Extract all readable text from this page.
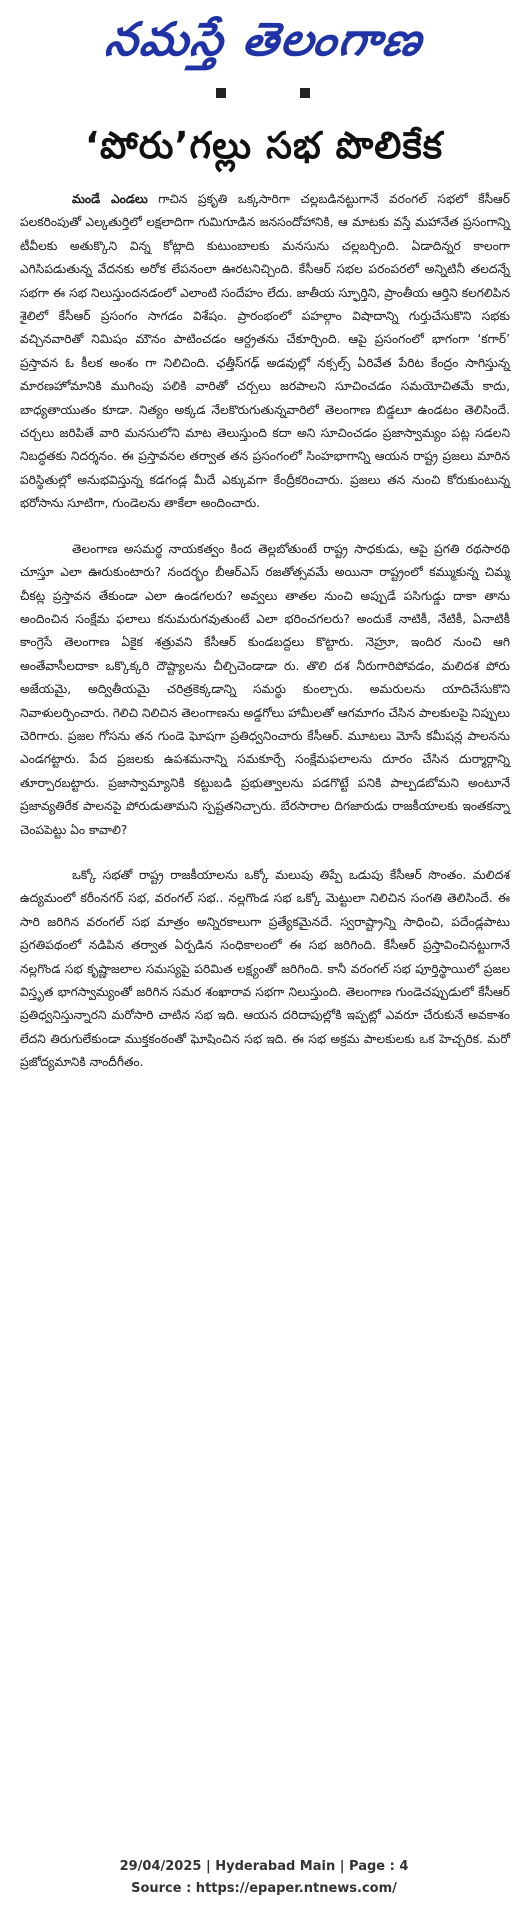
నమస్తే తెలంగాణ
‘పోరు’గల్లు సభ పొలికేక

మండే ఎండలు గాచిన ప్రకృతి ఒక్కసారిగా చల్లబడినట్టుగానే వరంగల్ సభలో కేసీఆర్ పలకరింపుతో ఎల్కతుర్తిలో లక్షలాదిగా గుమిగూడిన జనసందోహానికి, ఆ మాటకు వస్తే మహానేత ప్రసంగాన్ని టీవీలకు అతుక్కొని విన్న కోట్లాది కుటుంబాలకు మనసును చల్లబర్చింది. ఏడాదిన్నర కాలంగా ఎగిసిపడుతున్న వేదనకు అరోక లేపనంలా ఊరటనిచ్చింది. కేసీఆర్ సభల పరంపరలో అన్నిటినీ తలదన్నే సభగా ఈ సభ నిలుస్తుందనడంలో ఎలాంటి సందేహం లేదు. జాతీయ స్ఫూర్తిని, ప్రాంతీయ ఆర్తిని కలగలిపిన శైలిలో కేసీఆర్ ప్రసంగం సాగడం విశేషం. ప్రారంభంలో పహల్గాం విషాదాన్ని గుర్తుచేసుకొని సభకు వచ్చినవారితో నిమిషం మౌనం పాటించడం ఆర్ద్రతను చేకూర్చింది. ఆపై ప్రసంగంలో భాగంగా ‘కగార్’ ప్రస్తావన ఓ కీలక అంశం గా నిలిచింది. ఛత్తీస్‌గఢ్ అడవుల్లో నక్సల్స్ ఏరివేత పేరిట కేంద్రం సాగిస్తున్న మారణహోమానికి ముగింపు పలికి వారితో చర్చలు జరపాలని సూచించడం సమయోచితమే కాదు, బాధ్యతాయుతం కూడా. నిత్యం అక్కడ నేలకొరుగుతున్నవారిలో తెలంగాణ బిడ్డలూ ఉండటం తెలిసిందే. చర్చలు జరిపితే వారి మనసులోని మాట తెలుస్తుంది కదా అని సూచించడం ప్రజాస్వామ్యం పట్ల సడలని నిబద్ధతకు నిదర్శనం. ఈ ప్రస్తావనల తర్వాత తన ప్రసంగంలో సింహభాగాన్ని ఆయన రాష్ట్ర ప్రజలు మారిన పరిస్థితుల్లో అనుభవిస్తున్న కడగండ్ల మీదే ఎక్కువగా కేంద్రీకరించారు. ప్రజలు తన నుంచి కోరుకుంటున్న భరోసాను సూటిగా, గుండెలను తాకేలా అందించారు.

తెలంగాణ అసమర్థ నాయకత్వం కింద తెల్లబోతుంటే రాష్ట్ర సాధకుడు, ఆపై ప్రగతి రథసారథి చూస్తూ ఎలా ఊరుకుంటారు? నందర్భం బీఆర్‌ఎస్ రజతోత్సవమే అయినా రాష్ట్రంలో కమ్ముకున్న చిమ్మ చీకట్ల ప్రస్తావన తేకుండా ఎలా ఉండగలరు? అవ్వలు తాతల నుంచి అప్పుడే పసిగుడ్డు దాకా తాను అందించిన సంక్షేమ ఫలాలు కనుమరుగవుతుంటే ఎలా భరించగలరు? అందుకే నాటికీ, నేటికీ, ఏనాటికీ కాంగ్రెసే తెలంగాణ ఏకైక శత్రువని కేసీఆర్ కుండబద్దలు కొట్టారు. నెహ్రూ, ఇందిర నుంచి ఆగి అంతేవాసీలదాకా ఒక్కొక్కరి దౌష్ట్యాలను చీల్చిచెండాడా రు. తొలి దశ నీరుగారిపోవడం, మలిదశ పోరు అజేయమై, అద్వితీయమై చరిత్రకెక్కడాన్ని సమర్థు కుంల్చారు. అమరులను యాదిచేసుకొని నివాళులర్పించారు. గెలిచి నిలిచిన తెలంగాణను అడ్డగోలు హామీలతో ఆగమాగం చేసిన పాలకులపై నిప్పులు చెరిగారు. ప్రజల గోసను తన గుండె ఘోషగా ప్రతిధ్వనించారు కేసీఆర్. మూటలు మోసే కమీషన్ల పాలనను ఎండగట్టారు. పేద ప్రజలకు ఉపశమనాన్ని సమకూర్చే సంక్షేమఫలాలను దూరం చేసిన దుర్మార్గాన్ని తూర్పారబట్టారు. ప్రజాస్వామ్యానికి కట్టుబడి ప్రభుత్వాలను పడగొట్టే పనికి పాల్పడబోమని అంటూనే ప్రజావ్యతిరేక పాలనపై పోరుడుతామని స్పష్టతనిచ్చారు. బేరసారాల దిగజారుడు రాజకీయాలకు ఇంతకన్నా చెంపపెట్టు ఏం కావాలి?

ఒక్కో సభతో రాష్ట్ర రాజకీయాలను ఒక్కో మలుపు తిప్పే ఒడుపు కేసీఆర్ సొంతం. మలిదశ ఉద్యమంలో కరీంనగర్ సభ, వరంగల్ సభ.. నల్లగొండ సభ ఒక్కో మెట్టులా నిలిచిన సంగతి తెలిసిందే. ఈ సారి జరిగిన వరంగల్ సభ మాత్రం అన్నిరకాలుగా ప్రత్యేకమైనదే. స్వరాష్ట్రాన్ని సాధించి, పదేండ్లపాటు ప్రగతిపథంలో నడిపిన తర్వాత ఏర్పడిన సంధికాలంలో ఈ సభ జరిగింది. కేసీఆర్ ప్రస్తావించినట్టుగానే నల్లగొండ సభ కృష్ణాజలాల సమస్యపై పరిమిత లక్ష్యంతో జరిగింది. కానీ వరంగల్ సభ పూర్తిస్థాయిలో ప్రజల విస్తృత భాగస్వామ్యంతో జరిగిన సమర శంఖారావ సభగా నిలుస్తుంది. తెలంగాణ గుండెచప్పుడులో కేసీఆర్ ప్రతిధ్వనిస్తున్నారని మరోసారి చాటిన సభ ఇది. ఆయన దరిదాపుల్లోకి ఇప్పట్లో ఎవరూ చేరుకునే అవకాశం లేదని తిరుగులేకుండా ముక్తకంఠంతో ఘోషించిన సభ ఇది. ఈ సభ అక్రమ పాలకులకు ఒక హెచ్చరిక. మరో ప్రజోద్యమానికి నాందీగీతం.

29/04/2025 | Hyderabad Main | Page : 4
Source : https://epaper.ntnews.com/
